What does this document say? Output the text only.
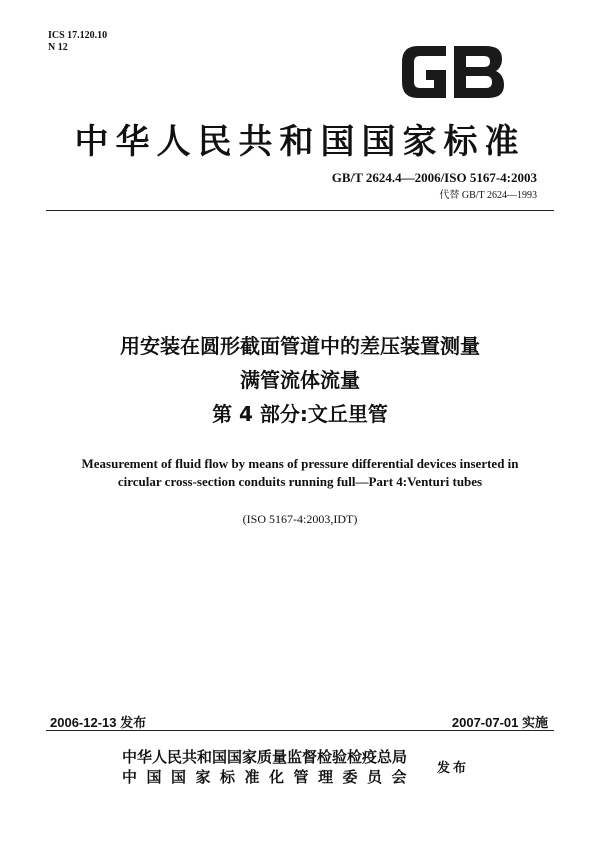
ICS 17.120.10
N 12
GB
中华人民共和国国家标准
GB/T 2624.4—2006/ISO 5167-4:2003
代替 GB/T 2624—1993
用安装在圆形截面管道中的差压装置测量
满管流体流量
第 4 部分:文丘里管
Measurement of fluid flow by means of pressure differential devices inserted in
circular cross-section conduits running full—Part 4:Venturi tubes
(ISO 5167-4:2003,IDT)
2006-12-13 发布	2007-07-01 实施
中华人民共和国国家质量监督检验检疫总局
中国国家标准化管理委员会 发布
